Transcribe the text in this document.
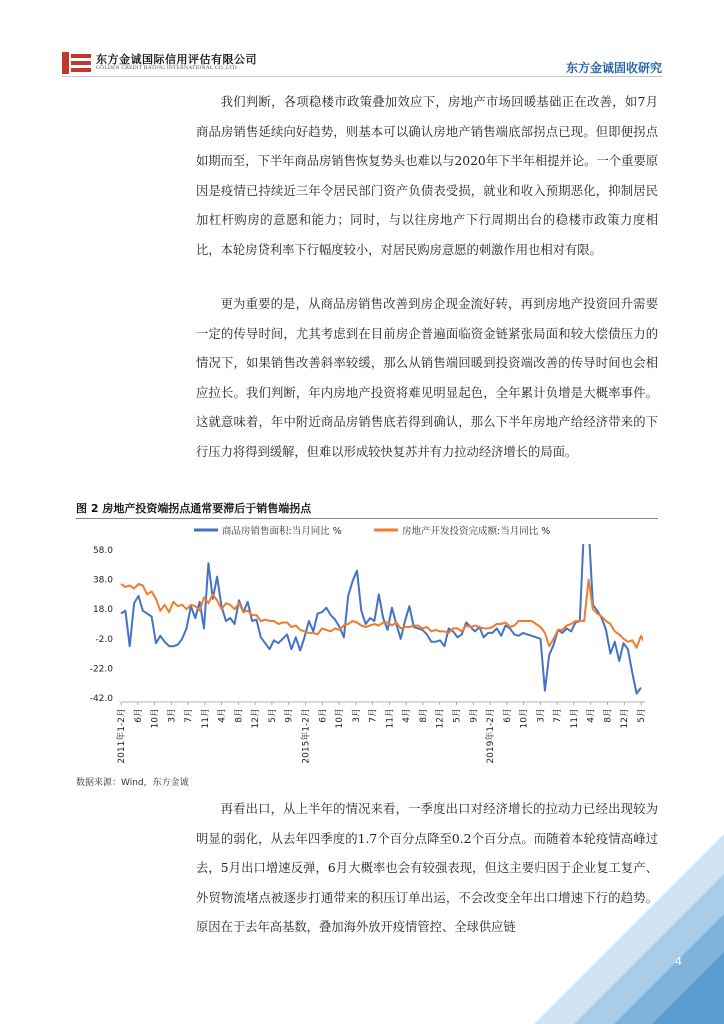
东方金诚国际信用评估有限公司
GOLDEN CREDIT RATING INTERNATIONAL CO.,LTD.	东方金诚固收研究

我们判断，各项稳楼市政策叠加效应下，房地产市场回暖基础正在改善，如7月商品房销售延续向好趋势，则基本可以确认房地产销售端底部拐点已现。但即便拐点如期而至，下半年商品房销售恢复势头也难以与2020年下半年相提并论。一个重要原因是疫情已持续近三年令居民部门资产负债表受损，就业和收入预期恶化，抑制居民加杠杆购房的意愿和能力；同时，与以往房地产下行周期出台的稳楼市政策力度相比，本轮房贷利率下行幅度较小，对居民购房意愿的刺激作用也相对有限。

更为重要的是，从商品房销售改善到房企现金流好转，再到房地产投资回升需要一定的传导时间，尤其考虑到在目前房企普遍面临资金链紧张局面和较大偿债压力的情况下，如果销售改善斜率较缓，那么从销售端回暖到投资端改善的传导时间也会相应拉长。我们判断，年内房地产投资将难见明显起色，全年累计负增是大概率事件。这就意味着，年中附近商品房销售底若得到确认，那么下半年房地产给经济带来的下行压力将得到缓解，但难以形成较快复苏并有力拉动经济增长的局面。

图 2 房地产投资端拐点通常要滞后于销售端拐点
商品房销售面积:当月同比 %	房地产开发投资完成额:当月同比 %
58.0
38.0
18.0
-2.0
-22.0
-42.0
2011年1-2月 6月 10月 3月 7月 11月 4月 8月 12月 5月 9月 2015年1-2月 6月 10月 3月 7月 11月 4月 8月 12月 5月 9月 2019年1-2月 6月 10月 3月 7月 11月 4月 8月 12月 5月
数据来源：Wind，东方金诚

再看出口，从上半年的情况来看，一季度出口对经济增长的拉动力已经出现较为明显的弱化，从去年四季度的1.7个百分点降至0.2个百分点。而随着本轮疫情高峰过去，5月出口增速反弹，6月大概率也会有较强表现，但这主要归因于企业复工复产、外贸物流堵点被逐步打通带来的积压订单出运，不会改变全年出口增速下行的趋势。原因在于去年高基数，叠加海外放开疫情管控、全球供应链

4
